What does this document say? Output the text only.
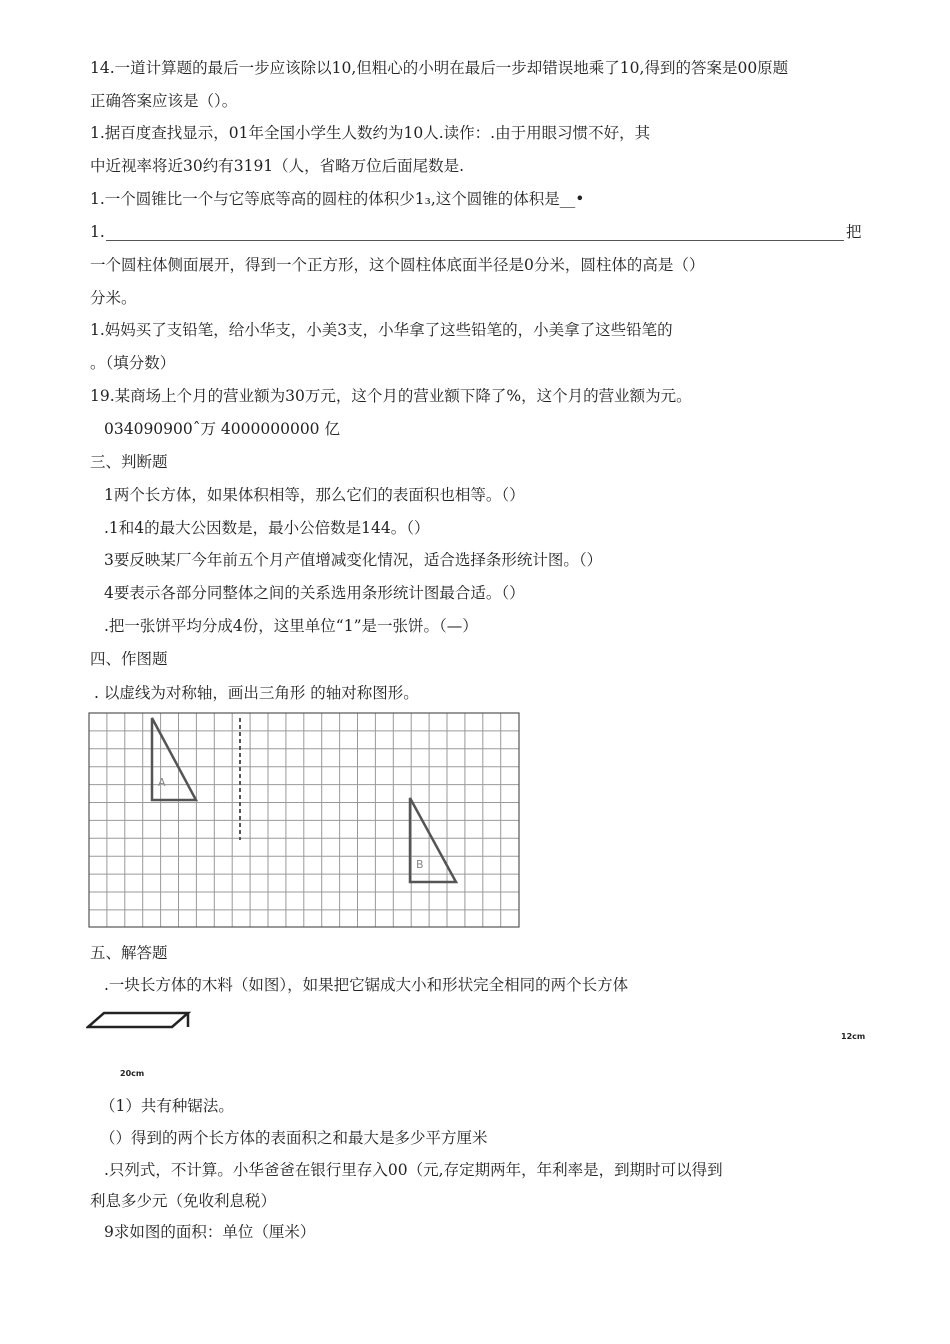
14.一道计算题的最后一步应该除以10,但粗心的小明在最后一步却错误地乘了10,得到的答案是00原题
正确答案应该是（）。
1.据百度查找显示，01年全国小学生人数约为10人.读作：.由于用眼习惯不好，其
中近视率将近30约有3191（人，省略万位后面尾数是.
1.一个圆锥比一个与它等底等高的圆柱的体积少1₃,这个圆锥的体积是__•
1.	把
一个圆柱体侧面展开，得到一个正方形，这个圆柱体底面半径是0分米，圆柱体的高是（）
分米。
1.妈妈买了支铅笔，给小华支，小美3支，小华拿了这些铅笔的，小美拿了这些铅笔的
。（填分数）
19.某商场上个月的营业额为30万元，这个月的营业额下降了%，这个月的营业额为元。
034090900ˆ万 4000000000 亿
三、判断题
1两个长方体，如果体积相等，那么它们的表面积也相等。（）
.1和4的最大公因数是，最小公倍数是144。（）
3要反映某厂今年前五个月产值增减变化情况，适合选择条形统计图。（）
4要表示各部分同整体之间的关系选用条形统计图最合适。（）
.把一张饼平均分成4份，这里单位“1”是一张饼。（—）
四、作图题
. 以虚线为对称轴，画出三角形 的轴对称图形。
A
B
五、解答题
.一块长方体的木料（如图），如果把它锯成大小和形状完全相同的两个长方体
12cm
20cm
（1）共有种锯法。
（）得到的两个长方体的表面积之和最大是多少平方厘米
.只列式，不计算。小华爸爸在银行里存入00（元,存定期两年，年利率是，到期时可以得到
利息多少元（免收利息税）
9求如图的面积：单位（厘米）
